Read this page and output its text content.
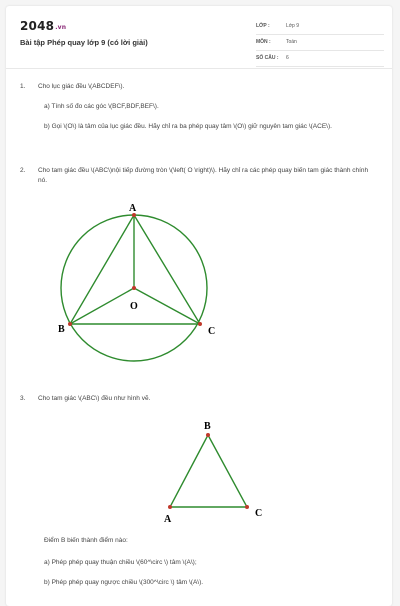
2048.vn
Bài tập Phép quay lớp 9 (có lời giải)
LỚP :	Lớp 9
MÔN :	Toán
SỐ CÂU : 6
1. Cho lục giác đều \(ABCDEF\).
a) Tính số đo các góc \(BCF,BDF,BEF\).
b) Gọi \(O\) là tâm của lục giác đều. Hãy chỉ ra ba phép quay tâm \(O\) giữ nguyên tam giác \(ACE\).
2. Cho tam giác đều \(ABC\)nội tiếp đường tròn \(\left( O \right)\). Hãy chỉ ra các phép quay biến tam giác thành chính nó.
A
B	C
O
3. Cho tam giác \(ABC\) đều như hình vẽ.
B
A
C
Điểm B biến thành điểm nào:
a) Phép phép quay thuận chiều \(60^\circ \) tâm \(A\);
b) Phép phép quay ngược chiều \(300^\circ \) tâm \(A\).
